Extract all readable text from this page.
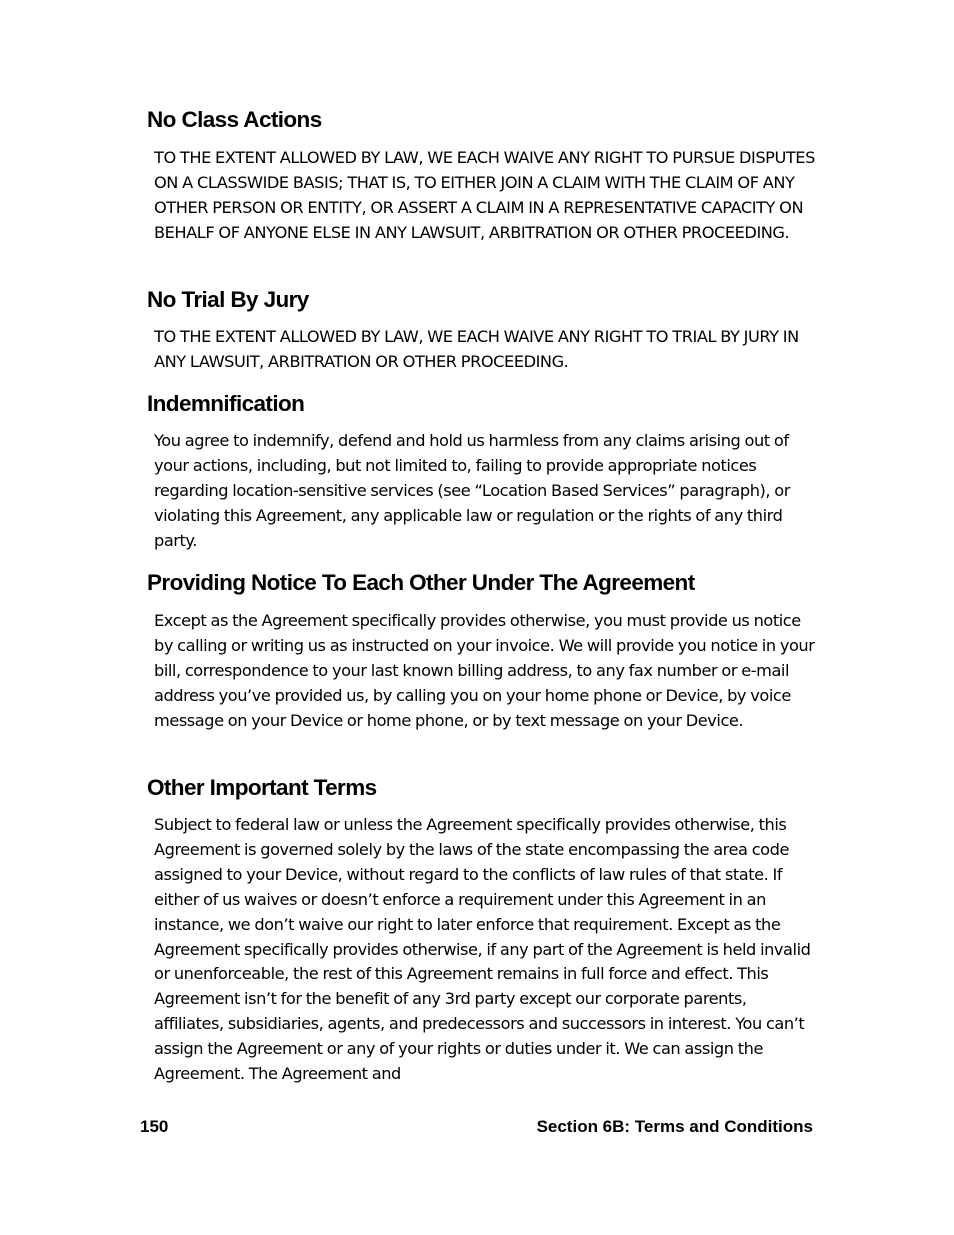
No Class Actions

TO THE EXTENT ALLOWED BY LAW, WE EACH WAIVE ANY RIGHT TO PURSUE DISPUTES ON A CLASSWIDE BASIS; THAT IS, TO EITHER JOIN A CLAIM WITH THE CLAIM OF ANY OTHER PERSON OR ENTITY, OR ASSERT A CLAIM IN A REPRESENTATIVE CAPACITY ON BEHALF OF ANYONE ELSE IN ANY LAWSUIT, ARBITRATION OR OTHER PROCEEDING.

No Trial By Jury

TO THE EXTENT ALLOWED BY LAW, WE EACH WAIVE ANY RIGHT TO TRIAL BY JURY IN ANY LAWSUIT, ARBITRATION OR OTHER PROCEEDING.

Indemnification

You agree to indemnify, defend and hold us harmless from any claims arising out of your actions, including, but not limited to, failing to provide appropriate notices regarding location-sensitive services (see “Location Based Services” paragraph), or violating this Agreement, any applicable law or regulation or the rights of any third party.

Providing Notice To Each Other Under The Agreement

Except as the Agreement specifically provides otherwise, you must provide us notice by calling or writing us as instructed on your invoice. We will provide you notice in your bill, correspondence to your last known billing address, to any fax number or e-mail address you’ve provided us, by calling you on your home phone or Device, by voice message on your Device or home phone, or by text message on your Device.

Other Important Terms

Subject to federal law or unless the Agreement specifically provides otherwise, this Agreement is governed solely by the laws of the state encompassing the area code assigned to your Device, without regard to the conflicts of law rules of that state. If either of us waives or doesn’t enforce a requirement under this Agreement in an instance, we don’t waive our right to later enforce that requirement. Except as the Agreement specifically provides otherwise, if any part of the Agreement is held invalid or unenforceable, the rest of this Agreement remains in full force and effect. This Agreement isn’t for the benefit of any 3rd party except our corporate parents, affiliates, subsidiaries, agents, and predecessors and successors in interest. You can’t assign the Agreement or any of your rights or duties under it. We can assign the Agreement. The Agreement and

150	Section 6B: Terms and Conditions
